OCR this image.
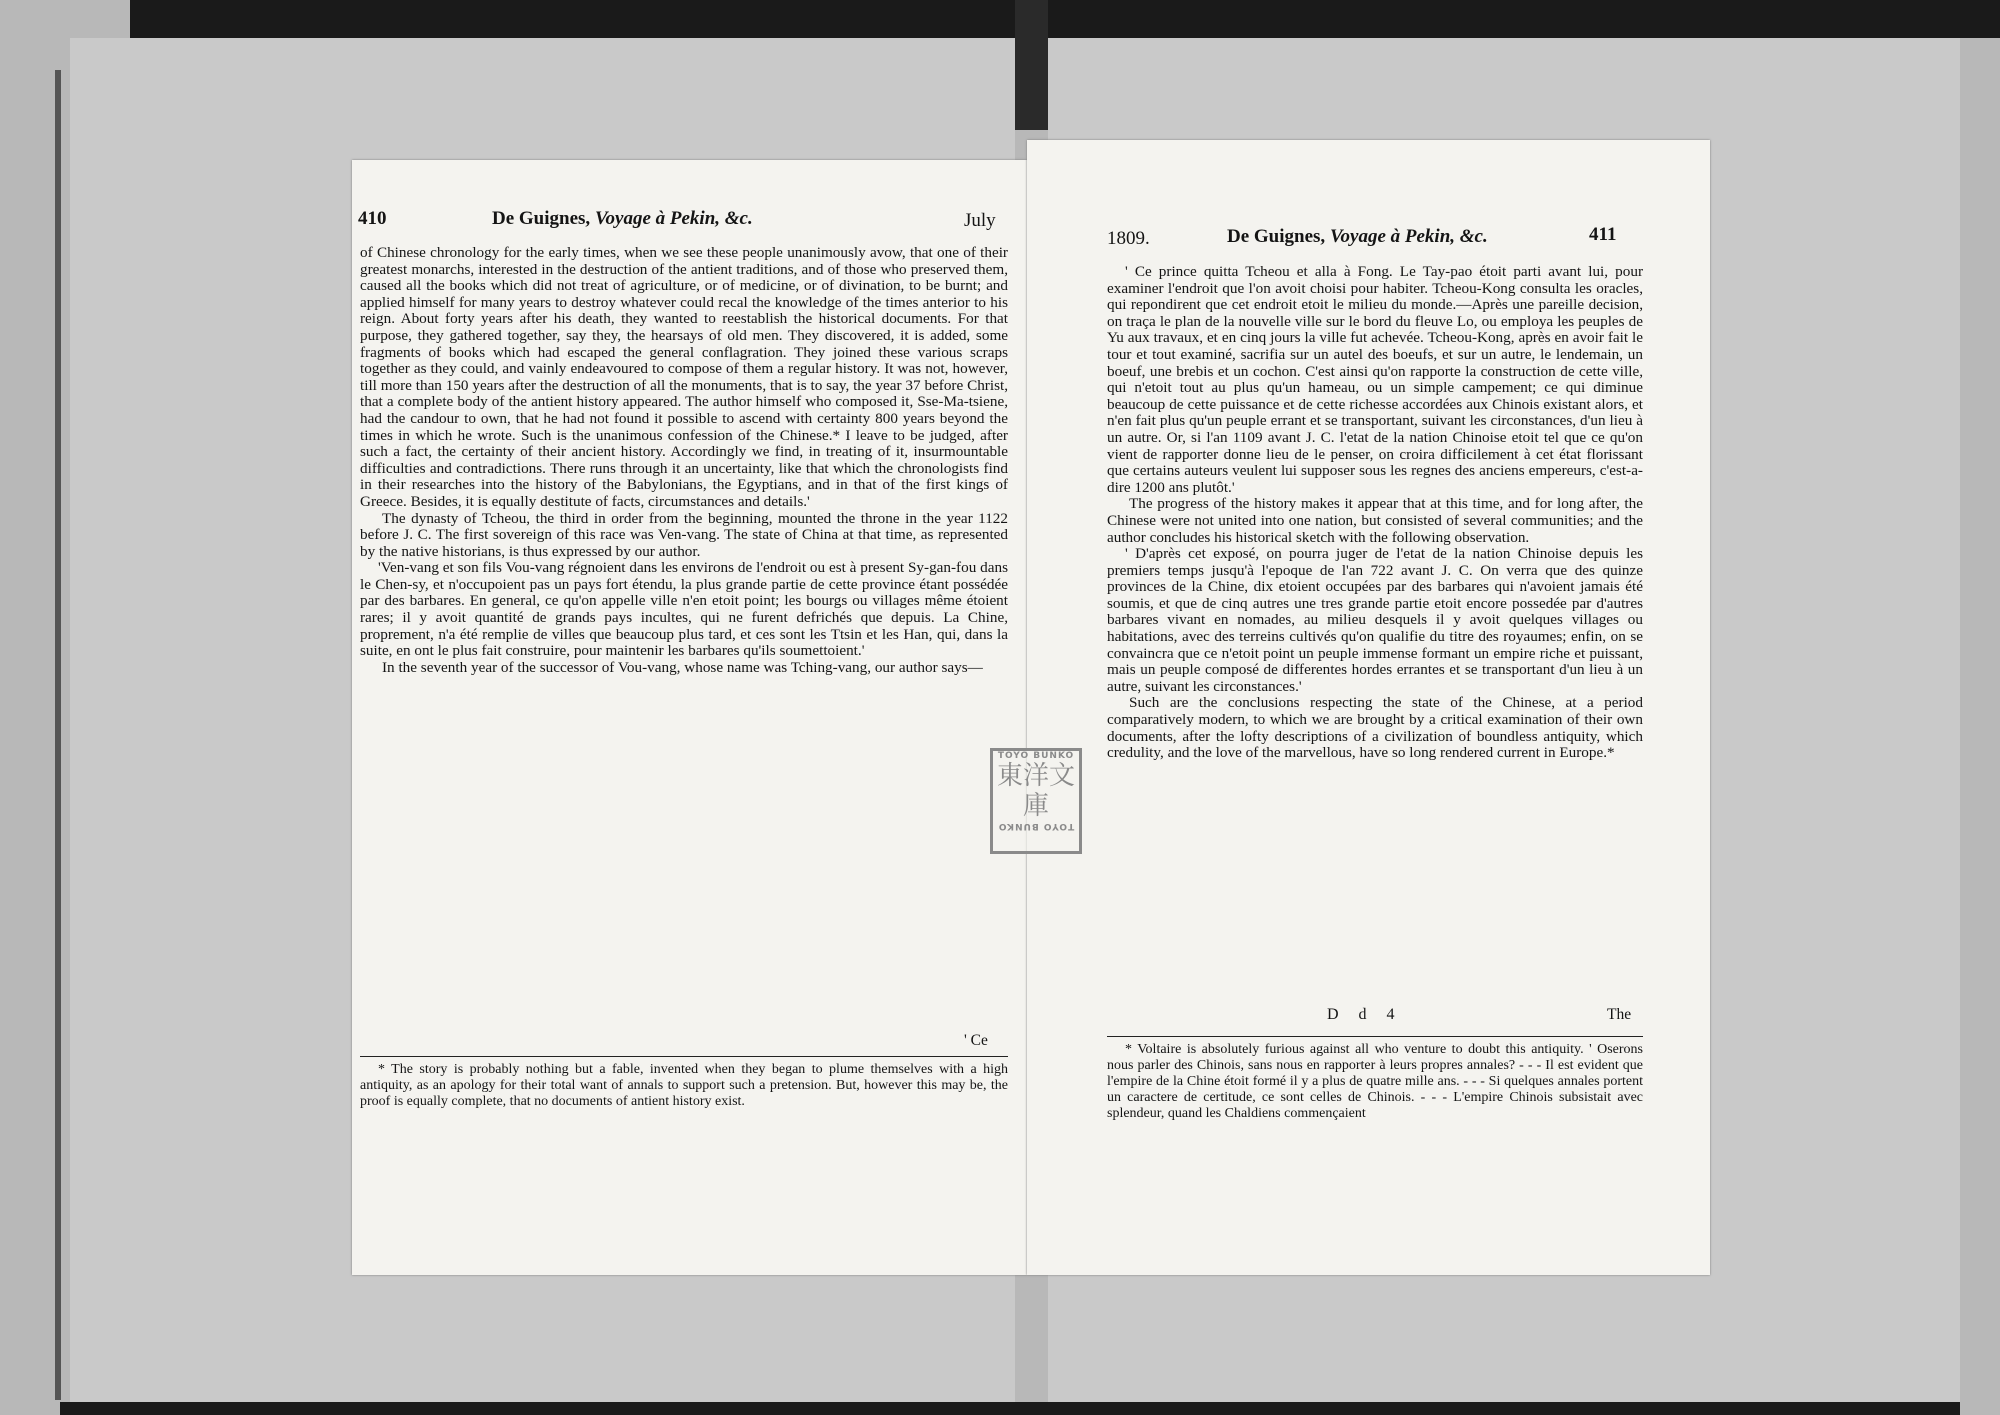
410	De Guignes, Voyage à Pekin, &c.	July

of Chinese chronology for the early times, when we see these people unanimously avow, that one of their greatest monarchs, interested in the destruction of the antient traditions, and of those who preserved them, caused all the books which did not treat of agriculture, or of medicine, or of divination, to be burnt; and applied himself for many years to destroy whatever could recal the knowledge of the times anterior to his reign. About forty years after his death, they wanted to reestablish the historical documents. For that purpose, they gathered together, say they, the hearsays of old men. They discovered, it is added, some fragments of books which had escaped the general conflagration. They joined these various scraps together as they could, and vainly endeavoured to compose of them a regular history. It was not, however, till more than 150 years after the destruction of all the monuments, that is to say, the year 37 before Christ, that a complete body of the antient history appeared. The author himself who composed it, Sse-Ma-tsiene, had the candour to own, that he had not found it possible to ascend with certainty 800 years beyond the times in which he wrote. Such is the unanimous confession of the Chinese.* I leave to be judged, after such a fact, the certainty of their ancient history. Accordingly we find, in treating of it, insurmountable difficulties and contradictions. There runs through it an uncertainty, like that which the chronologists find in their researches into the history of the Babylonians, the Egyptians, and in that of the first kings of Greece. Besides, it is equally destitute of facts, circumstances and details.'

The dynasty of Tcheou, the third in order from the beginning, mounted the throne in the year 1122 before J. C. The first sovereign of this race was Ven-vang. The state of China at that time, as represented by the native historians, is thus expressed by our author.

'Ven-vang et son fils Vou-vang régnoient dans les environs de l'endroit ou est à present Sy-gan-fou dans le Chen-sy, et n'occupoient pas un pays fort étendu, la plus grande partie de cette province étant possédée par des barbares. En general, ce qu'on appelle ville n'en etoit point; les bourgs ou villages même étoient rares; il y avoit quantité de grands pays incultes, qui ne furent defrichés que depuis. La Chine, proprement, n'a été remplie de villes que beaucoup plus tard, et ces sont les Ttsin et les Han, qui, dans la suite, en ont le plus fait construire, pour maintenir les barbares qu'ils soumettoient.'

In the seventh year of the successor of Vou-vang, whose name was Tching-vang, our author says—

' Ce

* The story is probably nothing but a fable, invented when they began to plume themselves with a high antiquity, as an apology for their total want of annals to support such a pretension. But, however this may be, the proof is equally complete, that no documents of antient history exist.

1809.	De Guignes, Voyage à Pekin, &c.	411

' Ce prince quitta Tcheou et alla à Fong. Le Tay-pao étoit parti avant lui, pour examiner l'endroit que l'on avoit choisi pour habiter. Tcheou-Kong consulta les oracles, qui repondirent que cet endroit etoit le milieu du monde.—Après une pareille decision, on traça le plan de la nouvelle ville sur le bord du fleuve Lo, ou employa les peuples de Yu aux travaux, et en cinq jours la ville fut achevée. Tcheou-Kong, après en avoir fait le tour et tout examiné, sacrifia sur un autel des boeufs, et sur un autre, le lendemain, un boeuf, une brebis et un cochon. C'est ainsi qu'on rapporte la construction de cette ville, qui n'etoit tout au plus qu'un hameau, ou un simple campement; ce qui diminue beaucoup de cette puissance et de cette richesse accordées aux Chinois existant alors, et n'en fait plus qu'un peuple errant et se transportant, suivant les circonstances, d'un lieu à un autre. Or, si l'an 1109 avant J. C. l'etat de la nation Chinoise etoit tel que ce qu'on vient de rapporter donne lieu de le penser, on croira difficilement à cet état florissant que certains auteurs veulent lui supposer sous les regnes des anciens empereurs, c'est-a-dire 1200 ans plutôt.'

The progress of the history makes it appear that at this time, and for long after, the Chinese were not united into one nation, but consisted of several communities; and the author concludes his historical sketch with the following observation.

' D'après cet exposé, on pourra juger de l'etat de la nation Chinoise depuis les premiers temps jusqu'à l'epoque de l'an 722 avant J. C. On verra que des quinze provinces de la Chine, dix etoient occupées par des barbares qui n'avoient jamais été soumis, et que de cinq autres une tres grande partie etoit encore possedée par d'autres barbares vivant en nomades, au milieu desquels il y avoit quelques villages ou habitations, avec des terreins cultivés qu'on qualifie du titre des royaumes; enfin, on se convaincra que ce n'etoit point un peuple immense formant un empire riche et puissant, mais un peuple composé de differentes hordes errantes et se transportant d'un lieu à un autre, suivant les circonstances.'

Such are the conclusions respecting the state of the Chinese, at a period comparatively modern, to which we are brought by a critical examination of their own documents, after the lofty descriptions of a civilization of boundless antiquity, which credulity, and the love of the marvellous, have so long rendered current in Europe.*

D d 4	The

* Voltaire is absolutely furious against all who venture to doubt this antiquity. ' Oserons nous parler des Chinois, sans nous en rapporter à leurs propres annales? - - - Il est evident que l'empire de la Chine étoit formé il y a plus de quatre mille ans. - - - Si quelques annales portent un caractere de certitude, ce sont celles de Chinois. - - - L'empire Chinois subsistait avec splendeur, quand les Chaldiens commençaient

TOYO BUNKO
東洋文庫
TOYO BUNKO
